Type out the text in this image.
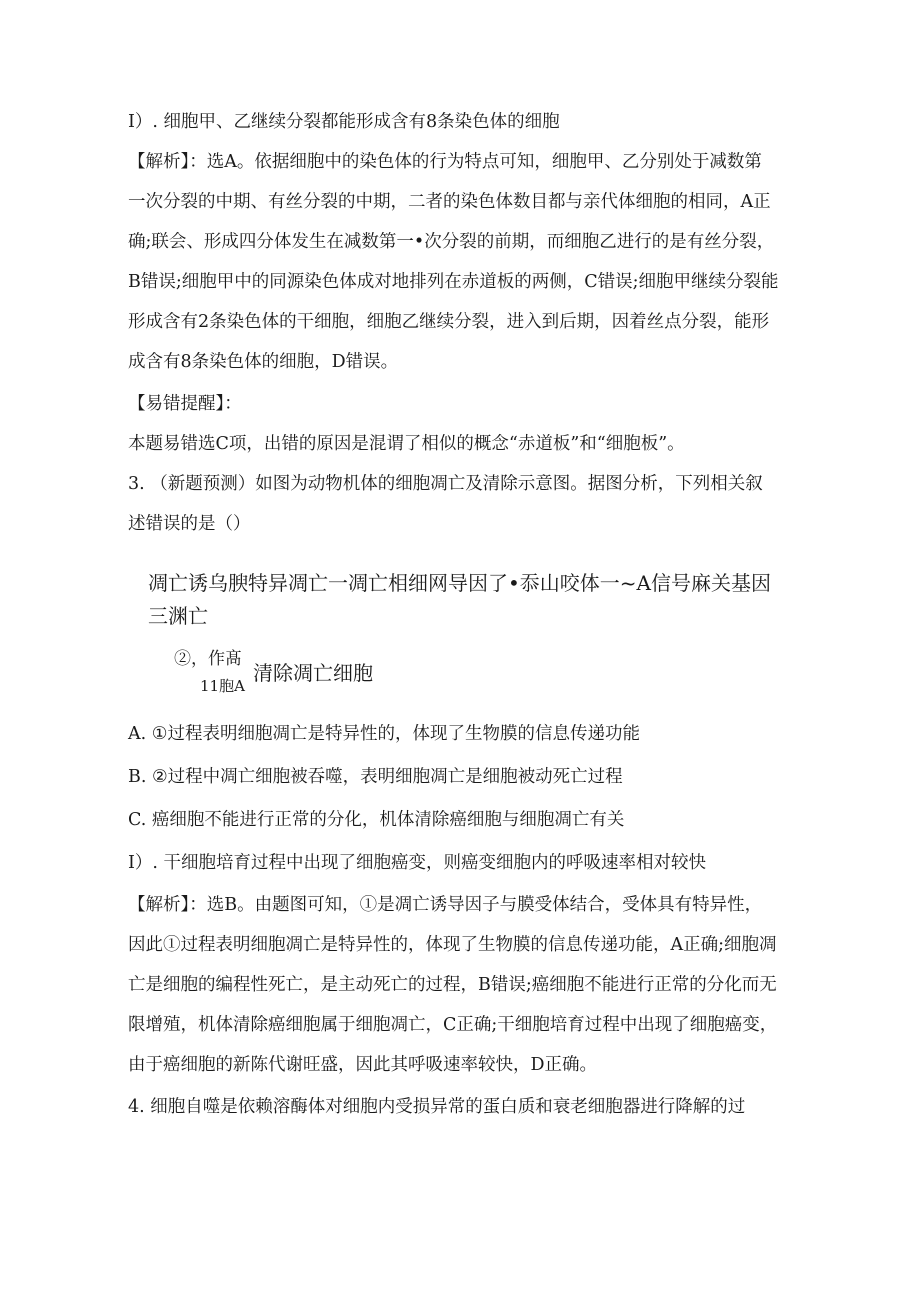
I）. 细胞甲、乙继续分裂都能形成含有8条染色体的细胞
【解析】：选A。依据细胞中的染色体的行为特点可知，细胞甲、乙分别处于减数第
一次分裂的中期、有丝分裂的中期，二者的染色体数目都与亲代体细胞的相同，A正
确;联会、形成四分体发生在减数第一•次分裂的前期，而细胞乙进行的是有丝分裂，
B错误;细胞甲中的同源染色体成对地排列在赤道板的两侧，C错误;细胞甲继续分裂能
形成含有2条染色体的干细胞，细胞乙继续分裂，进入到后期，因着丝点分裂，能形
成含有8条染色体的细胞，D错误。
【易错提醒】：
本题易错选C项，出错的原因是混谓了相似的概念“赤道板”和“细胞板”。
3. （新题预测）如图为动物机体的细胞凋亡及清除示意图。据图分析，下列相关叙
述错误的是（）
凋亡诱乌腴特异凋亡一凋亡相细网导因了•忝山咬体一~A信号麻关基因
三渊亡
②，作髙
11胞A
清除凋亡细胞
A. ①过程表明细胞凋亡是特异性的，体现了生物膜的信息传递功能
B. ②过程中凋亡细胞被吞噬，表明细胞凋亡是细胞被动死亡过程
C. 癌细胞不能进行正常的分化，机体清除癌细胞与细胞凋亡有关
I）. 干细胞培育过程中出现了细胞癌变，则癌变细胞内的呼吸速率相对较快
【解析】：选B。由题图可知，①是凋亡诱导因子与膜受体结合，受体具有特异性，
因此①过程表明细胞凋亡是特异性的，体现了生物膜的信息传递功能，A正确;细胞凋
亡是细胞的编程性死亡，是主动死亡的过程，B错误;癌细胞不能进行正常的分化而无
限增殖，机体清除癌细胞属于细胞凋亡，C正确;干细胞培育过程中出现了细胞癌变，
由于癌细胞的新陈代谢旺盛，因此其呼吸速率较快，D正确。
4. 细胞自噬是依赖溶酶体对细胞内受损异常的蛋白质和衰老细胞器进行降解的过
